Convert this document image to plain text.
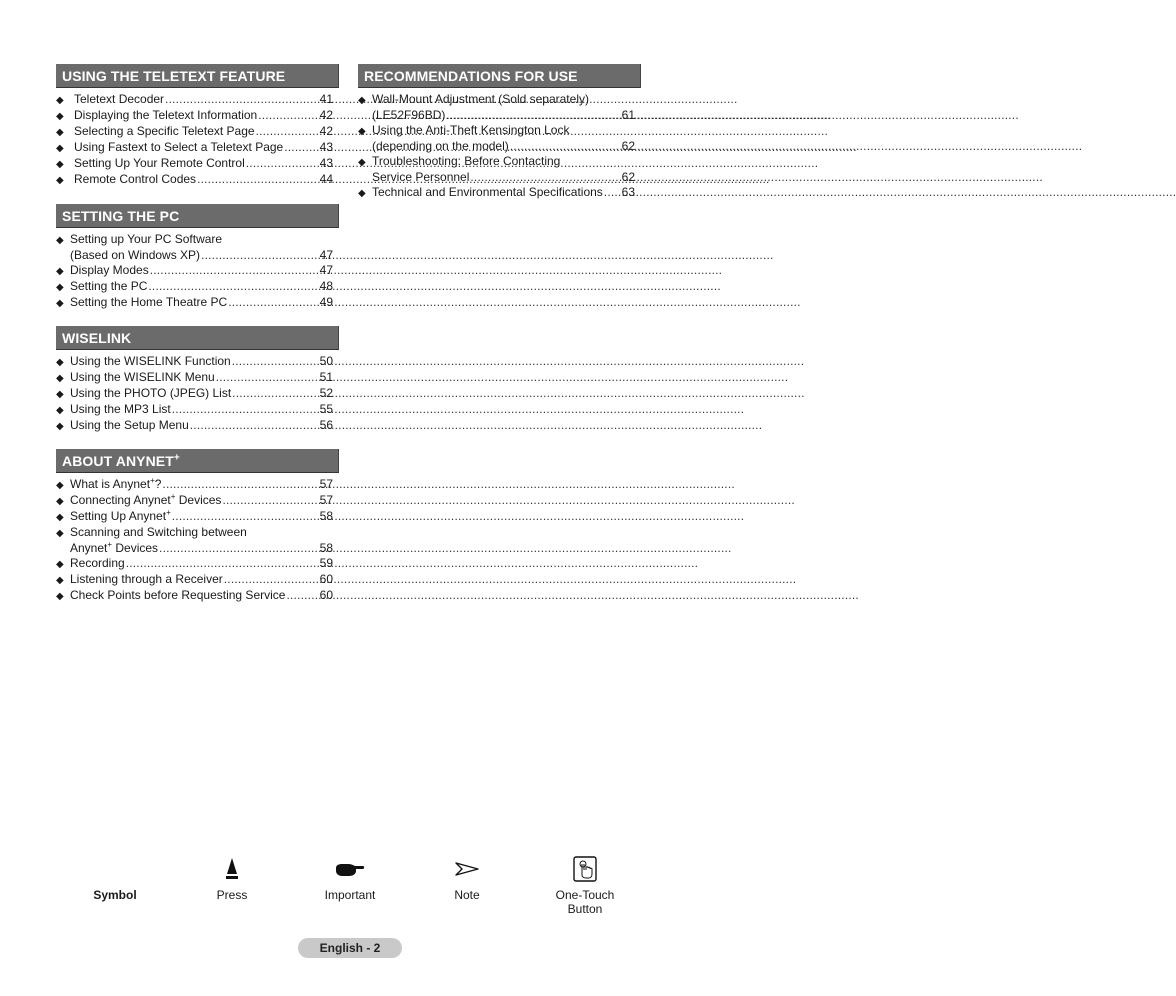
USING THE TELETEXT FEATURE
◆ Teletext Decoder .....	41
◆ Displaying the Teletext Information .....	42
◆ Selecting a Specific Teletext Page .....	42
◆ Using Fastext to Select a Teletext Page .....	43
◆ Setting Up Your Remote Control .....	43
◆ Remote Control Codes .....	44
SETTING THE PC
◆ Setting up Your PC Software
(Based on Windows XP) .....	47
◆ Display Modes .....	47
◆ Setting the PC .....	48
◆ Setting the Home Theatre PC .....	49
WISELINK
◆ Using the WISELINK Function .....	50
◆ Using the WISELINK Menu .....	51
◆ Using the PHOTO (JPEG) List .....	52
◆ Using the MP3 List .....	55
◆ Using the Setup Menu .....	56
ABOUT ANYNET+
◆ What is Anynet+? .....	57
◆ Connecting Anynet+ Devices .....	57
◆ Setting Up Anynet+ .....	58
◆ Scanning and Switching between
Anynet+ Devices .....	58
◆ Recording .....	59
◆ Listening through a Receiver .....	60
◆ Check Points before Requesting Service .....	60
RECOMMENDATIONS FOR USE
◆ Wall-Mount Adjustment (Sold separately)
(LE52F96BD) .....	61
◆ Using the Anti-Theft Kensington Lock
(depending on the model) .....	62
◆ Troubleshooting: Before Contacting
Service Personnel .....	62
◆ Technical and Environmental Specifications ..... 63
Symbol	Press	Important	Note	One-Touch
Button
English - 2
